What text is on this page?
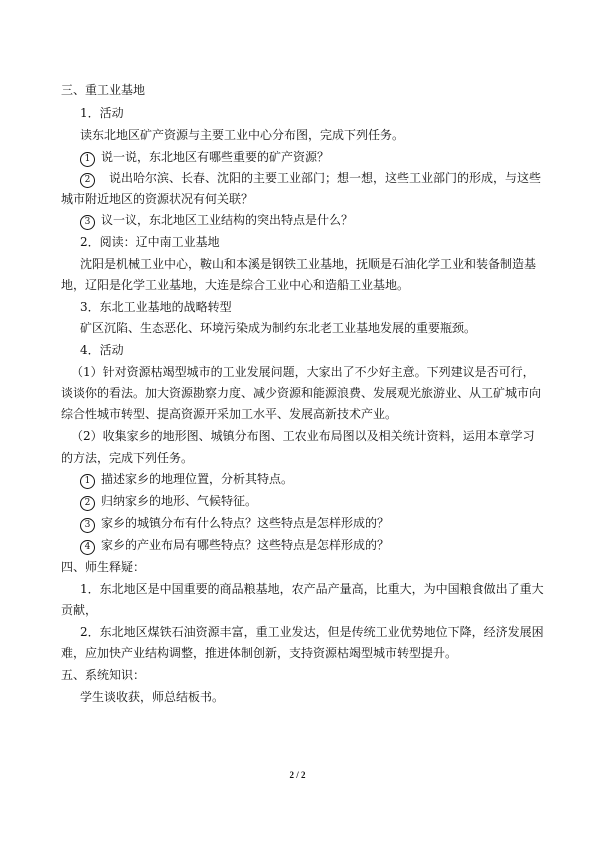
三、重工业基地
1．活动
读东北地区矿产资源与主要工业中心分布图，完成下列任务。
1 说一说，东北地区有哪些重要的矿产资源？
2 说出哈尔滨、长春、沈阳的主要工业部门；想一想，这些工业部门的形成，与这些
城市附近地区的资源状况有何关联？
3 议一议，东北地区工业结构的突出特点是什么？
2．阅读：辽中南工业基地
沈阳是机械工业中心，鞍山和本溪是钢铁工业基地，抚顺是石油化学工业和装备制造基
地，辽阳是化学工业基地，大连是综合工业中心和造船工业基地。
3．东北工业基地的战略转型
矿区沉陷、生态恶化、环境污染成为制约东北老工业基地发展的重要瓶颈。
4．活动
（1）针对资源枯竭型城市的工业发展问题，大家出了不少好主意。下列建议是否可行，
谈谈你的看法。加大资源勘察力度、减少资源和能源浪费、发展观光旅游业、从工矿城市向
综合性城市转型、提高资源开采加工水平、发展高新技术产业。
（2）收集家乡的地形图、城镇分布图、工农业布局图以及相关统计资料，运用本章学习
的方法，完成下列任务。
1 描述家乡的地理位置，分析其特点。
2 归纳家乡的地形、气候特征。
3 家乡的城镇分布有什么特点？这些特点是怎样形成的？
4 家乡的产业布局有哪些特点？这些特点是怎样形成的？
四、师生释疑：
1．东北地区是中国重要的商品粮基地，农产品产量高，比重大，为中国粮食做出了重大
贡献，
2．东北地区煤铁石油资源丰富，重工业发达，但是传统工业优势地位下降，经济发展困
难，应加快产业结构调整，推进体制创新，支持资源枯竭型城市转型提升。
五、系统知识：
学生谈收获，师总结板书。
2 / 2
